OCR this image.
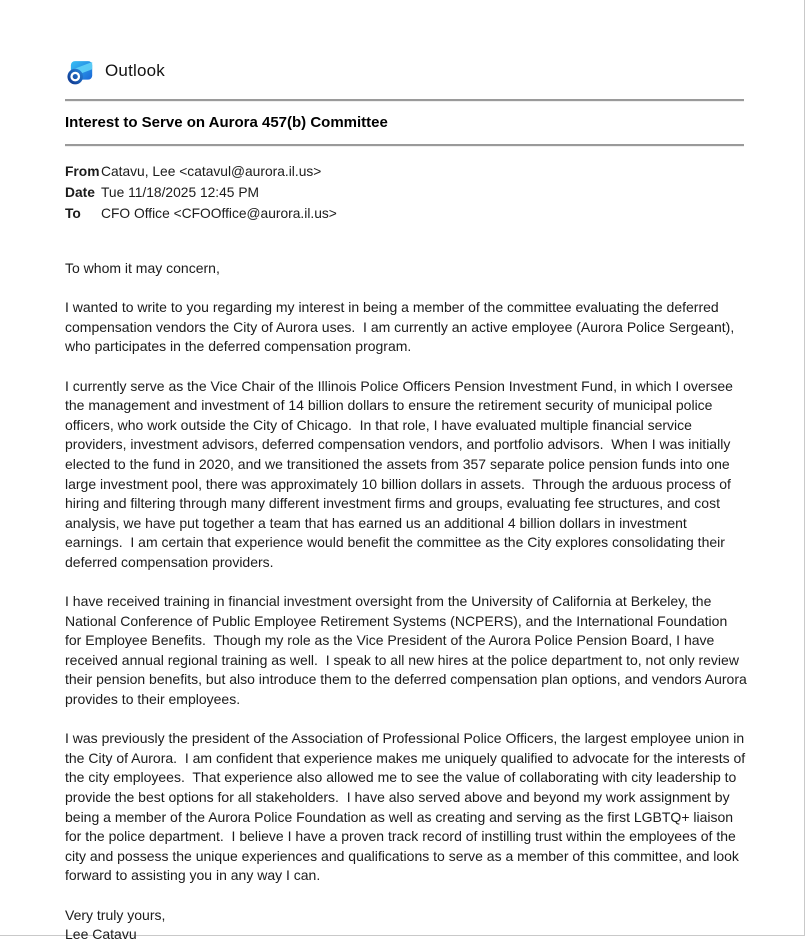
Outlook
Interest to Serve on Aurora 457(b) Committee
From Catavu, Lee <catavul@aurora.il.us>
Date Tue 11/18/2025 12:45 PM
To	CFO Office <CFOOffice@aurora.il.us>

To whom it may concern,

I wanted to write to you regarding my interest in being a member of the committee evaluating the deferred compensation vendors the City of Aurora uses.  I am currently an active employee (Aurora Police Sergeant), who participates in the deferred compensation program.

I currently serve as the Vice Chair of the Illinois Police Officers Pension Investment Fund, in which I oversee the management and investment of 14 billion dollars to ensure the retirement security of municipal police officers, who work outside the City of Chicago.  In that role, I have evaluated multiple financial service providers, investment advisors, deferred compensation vendors, and portfolio advisors.  When I was initially elected to the fund in 2020, and we transitioned the assets from 357 separate police pension funds into one large investment pool, there was approximately 10 billion dollars in assets.  Through the arduous process of hiring and filtering through many different investment firms and groups, evaluating fee structures, and cost analysis, we have put together a team that has earned us an additional 4 billion dollars in investment earnings.  I am certain that experience would benefit the committee as the City explores consolidating their deferred compensation providers.

I have received training in financial investment oversight from the University of California at Berkeley, the National Conference of Public Employee Retirement Systems (NCPERS), and the International Foundation for Employee Benefits.  Though my role as the Vice President of the Aurora Police Pension Board, I have received annual regional training as well.  I speak to all new hires at the police department to, not only review their pension benefits, but also introduce them to the deferred compensation plan options, and vendors Aurora provides to their employees.

I was previously the president of the Association of Professional Police Officers, the largest employee union in the City of Aurora.  I am confident that experience makes me uniquely qualified to advocate for the interests of the city employees.  That experience also allowed me to see the value of collaborating with city leadership to provide the best options for all stakeholders.  I have also served above and beyond my work assignment by being a member of the Aurora Police Foundation as well as creating and serving as the first LGBTQ+ liaison for the police department.  I believe I have a proven track record of instilling trust within the employees of the city and possess the unique experiences and qualifications to serve as a member of this committee, and look forward to assisting you in any way I can.

Very truly yours,
Lee Catavu
